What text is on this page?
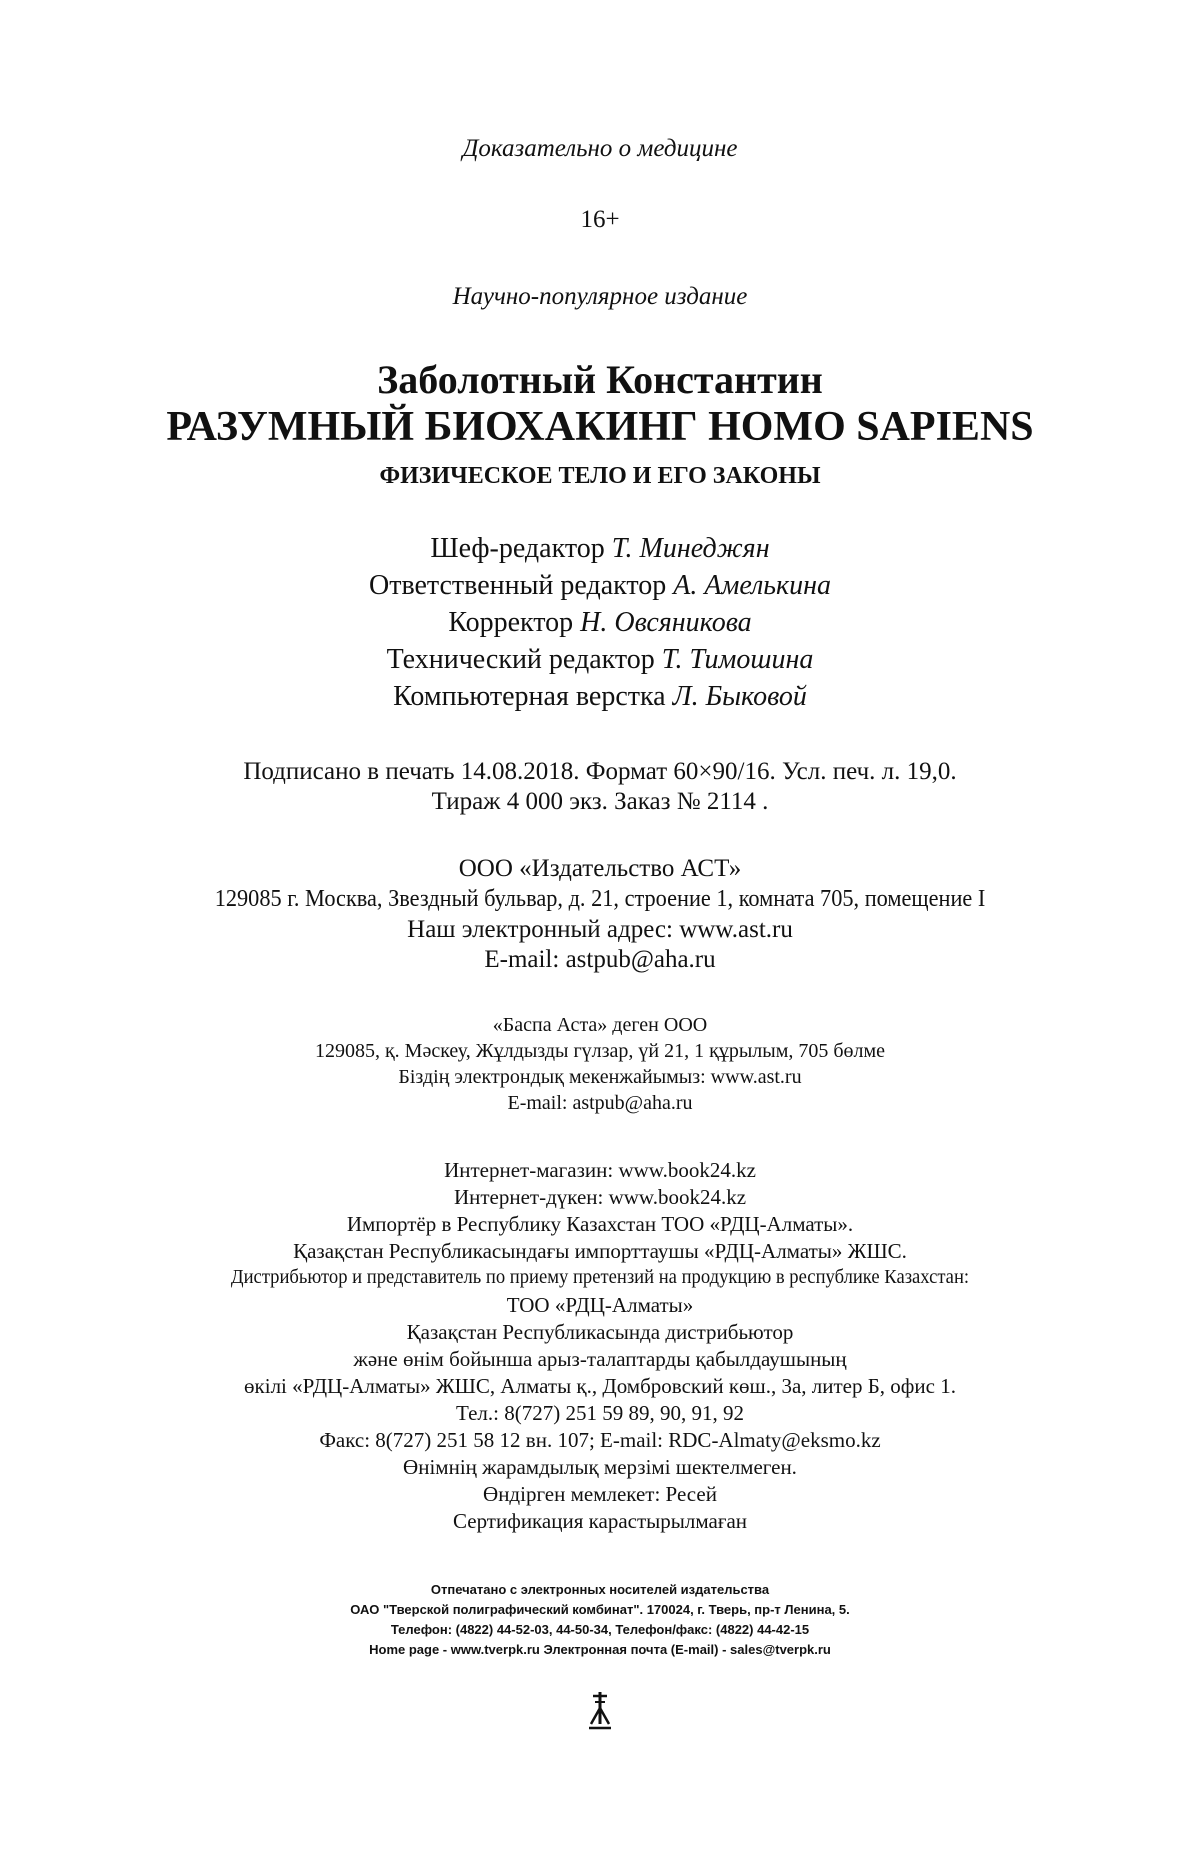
Доказательно о медицине
16+
Научно-популярное издание
Заболотный Константин
РАЗУМНЫЙ БИОХАКИНГ HOMO SAPIENS
ФИЗИЧЕСКОЕ ТЕЛО И ЕГО ЗАКОНЫ
Шеф-редактор Т. Минеджян
Ответственный редактор А. Амелькина
Корректор Н. Овсяникова
Технический редактор Т. Тимошина
Компьютерная верстка Л. Быковой
Подписано в печать 14.08.2018. Формат 60×90/16. Усл. печ. л. 19,0.
Тираж 4 000 экз. Заказ № 2114 .
ООО «Издательство АСТ»
129085 г. Москва, Звездный бульвар, д. 21, строение 1, комната 705, помещение I
Наш электронный адрес: www.ast.ru
E-mail: astpub@aha.ru
«Баспа Аста» деген ООО
129085, қ. Мәскеу, Жұлдызды гүлзар, үй 21, 1 құрылым, 705 бөлме
Біздің электрондық мекенжайымыз: www.ast.ru
E-mail: astpub@aha.ru
Интернет-магазин: www.book24.kz
Интернет-дүкен: www.book24.kz
Импортёр в Республику Казахстан ТОО «РДЦ-Алматы».
Қазақстан Республикасындағы импорттаушы «РДЦ-Алматы» ЖШС.
Дистрибьютор и представитель по приему претензий на продукцию в республике Казахстан:
ТОО «РДЦ-Алматы»
Қазақстан Республикасында дистрибьютор
және өнім бойынша арыз-талаптарды қабылдаушының
өкілі «РДЦ-Алматы» ЖШС, Алматы қ., Домбровский көш., 3а, литер Б, офис 1.
Тел.: 8(727) 251 59 89, 90, 91, 92
Факс: 8(727) 251 58 12 вн. 107; E-mail: RDC-Almaty@eksmo.kz
Өнімнің жарамдылық мерзімі шектелмеген.
Өндірген мемлекет: Ресей
Сертификация карастырылмаған
Отпечатано с электронных носителей издательства
ОАО "Тверской полиграфический комбинат". 170024, г. Тверь, пр-т Ленина, 5.
Телефон: (4822) 44-52-03, 44-50-34, Телефон/факс: (4822) 44-42-15
Home page - www.tverpk.ru Электронная почта (E-mail) - sales@tverpk.ru
